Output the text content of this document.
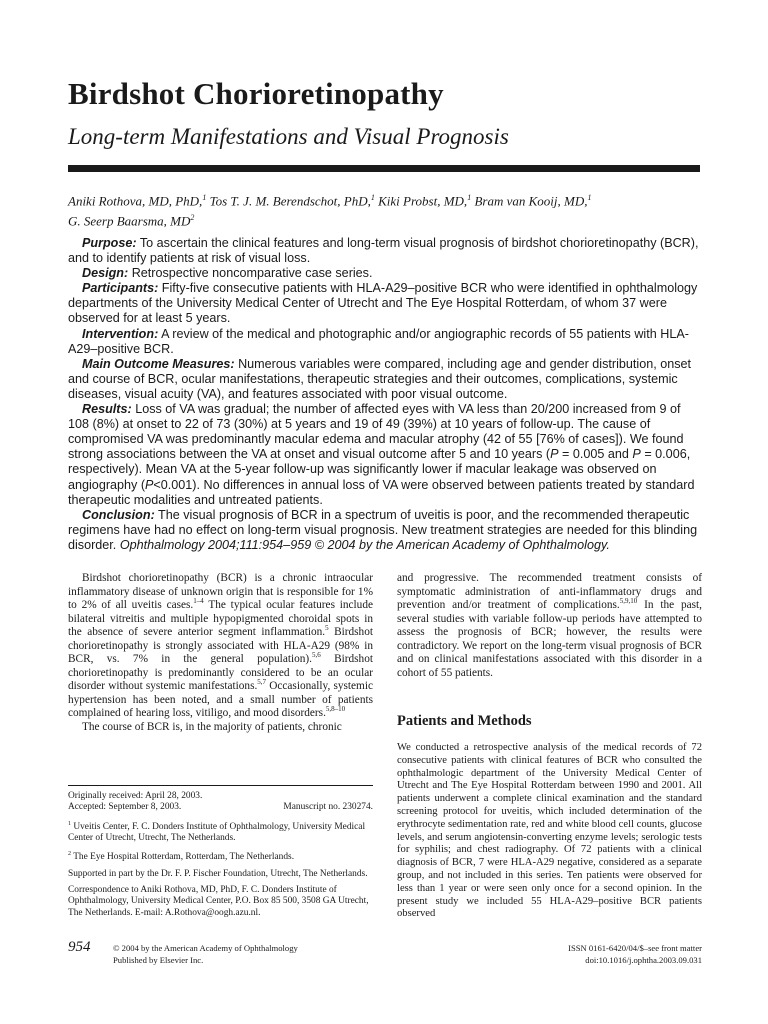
Birdshot Chorioretinopathy
Long-term Manifestations and Visual Prognosis
Aniki Rothova, MD, PhD,$^1$ Tos T. J. M. Berendschot, PhD,$^1$ Kiki Probst, MD,$^1$ Bram van Kooij, MD,$^1$
G. Seerp Baarsma, $MD^2$

Purpose: To ascertain the clinical features and long-term visual prognosis of birdshot chorioretinopathy (BCR), and to identify patients at risk of visual loss.

Design: Retrospective noncomparative case series.

Participants: Fifty-five consecutive patients with HLA-A29–positive BCR who were identified in ophthalmology departments of the University Medical Center of Utrecht and The Eye Hospital Rotterdam, of whom 37 were observed for at least 5 years.

Intervention: A review of the medical and photographic and/or angiographic records of 55 patients with HLA-A29–positive BCR.

Main Outcome Measures: Numerous variables were compared, including age and gender distribution, onset and course of BCR, ocular manifestations, therapeutic strategies and their outcomes, complications, systemic diseases, visual acuity (VA), and features associated with poor visual outcome.

Results: Loss of VA was gradual; the number of affected eyes with VA less than 20/200 increased from 9 of 108 (8%) at onset to 22 of 73 (30%) at 5 years and 19 of 49 (39%) at 10 years of follow-up. The cause of compromised VA was predominantly macular edema and macular atrophy (42 of 55 [76% of cases]). We found strong associations between the VA at onset and visual outcome after 5 and 10 years (P = 0.005 and P = 0.006, respectively). Mean VA at the 5-year follow-up was significantly lower if macular leakage was observed on angiography (P<0.001). No differences in annual loss of VA were observed between patients treated by standard therapeutic modalities and untreated patients.

Conclusion: The visual prognosis of BCR in a spectrum of uveitis is poor, and the recommended therapeutic regimens have had no effect on long-term visual prognosis. New treatment strategies are needed for this blinding disorder. Ophthalmology 2004;111:954–959 © 2004 by the American Academy of Ophthalmology.

Birdshot chorioretinopathy (BCR) is a chronic intraocular inflammatory disease of unknown origin that is responsible for 1% to 2% of all uveitis cases.$^{1-4}$ The typical ocular features include bilateral vitreitis and multiple hypopigmented choroidal spots in the absence of severe anterior segment inflammation.$^5$ Birdshot chorioretinopathy is strongly associated with HLA-A29 (98% in BCR, vs. 7% in the general population).$^{5,6}$ Birdshot chorioretinopathy is predominantly considered to be an ocular disorder without systemic manifestations.$^{5,7}$ Occasionally, systemic hypertension has been noted, and a small number of patients complained of hearing loss, vitiligo, and mood disorders.$^{5,8-10}$

The course of BCR is, in the majority of patients, chronic

and progressive. The recommended treatment consists of symptomatic administration of anti-inflammatory drugs and prevention and/or treatment of complications.$^{5,9,10}$ In the past, several studies with variable follow-up periods have attempted to assess the prognosis of BCR; however, the results were contradictory. We report on the long-term visual prognosis of BCR and on clinical manifestations associated with this disorder in a cohort of 55 patients.

Patients and Methods
We conducted a retrospective analysis of the medical records of 72 consecutive patients with clinical features of BCR who consulted the ophthalmologic department of the University Medical Center of Utrecht and The Eye Hospital Rotterdam between 1990 and 2001. All patients underwent a complete clinical examination and the standard screening protocol for uveitis, which included determination of the erythrocyte sedimentation rate, red and white blood cell counts, glucose levels, and serum angiotensin-converting enzyme levels; serologic tests for syphilis; and chest radiography. Of 72 patients with a clinical diagnosis of BCR, 7 were HLA-A29 negative, considered as a separate group, and not included in this series. Ten patients were observed for less than 1 year or were seen only once for a second opinion. In the present study we included 55 HLA-A29–positive BCR patients observed

Originally received: April 28, 2003.

Accepted: September 8, 2003.	Manuscript no. 230274.

$^1$ Uveitis Center, F. C. Donders Institute of Ophthalmology, University Medical Center of Utrecht, Utrecht, The Netherlands.

$^2$ The Eye Hospital Rotterdam, Rotterdam, The Netherlands.

Supported in part by the Dr. F. P. Fischer Foundation, Utrecht, The Netherlands.

Correspondence to Aniki Rothova, MD, PhD, F. C. Donders Institute of Ophthalmology, University Medical Center, P.O. Box 85 500, 3508 GA Utrecht, The Netherlands. E-mail: A.Rothova@oogh.azu.nl.

954	© 2004 by the American Academy of Ophthalmology
Published by Elsevier Inc.
ISSN 0161-6420/04/$–see front matter
doi:10.1016/j.ophtha.2003.09.031
